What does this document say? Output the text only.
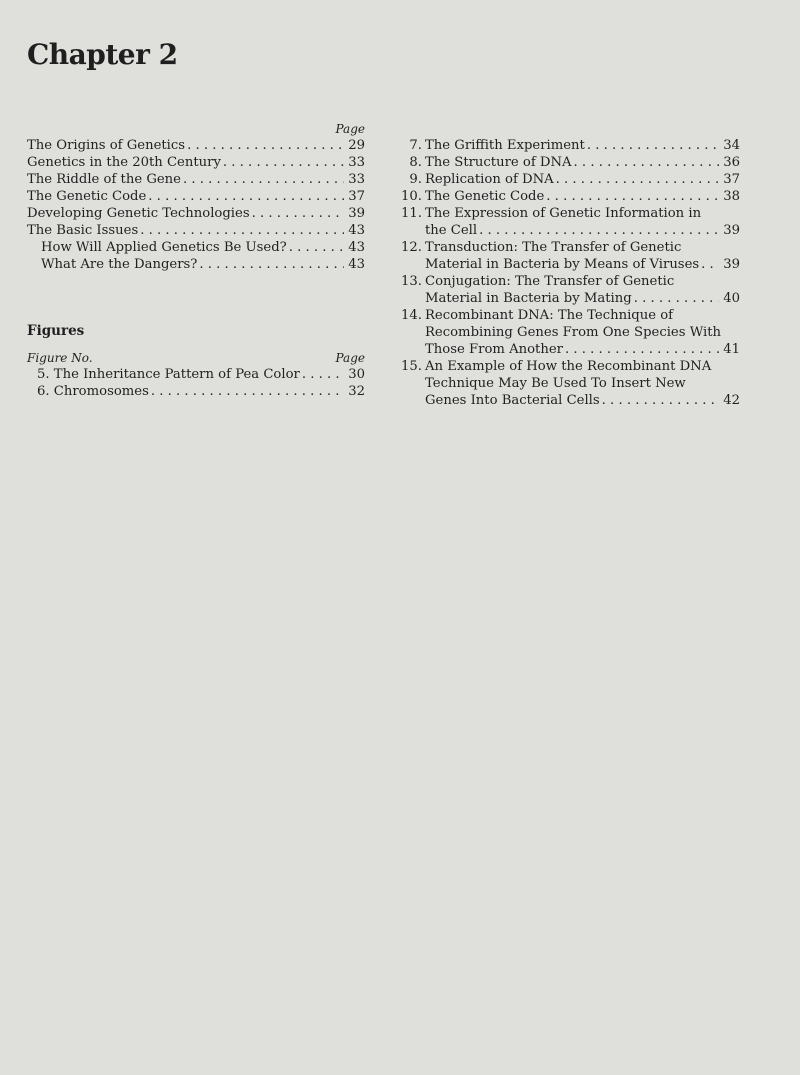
Chapter 2
Page
The Origins of Genetics . . .	29
Genetics in the 20th Century . . .	33
The Riddle of the Gene . . .	33
The Genetic Code . . .	37
Developing Genetic Technologies . . .	39
The Basic Issues . . .	43
How Will Applied Genetics Be Used? . . .	43
What Are the Dangers? . . .	43
Figures
Figure No.	Page
5. The Inheritance Pattern of Pea Color . . .	30
6. Chromosomes . . .	32
7. The Griffith Experiment . . .	34
8. The Structure of DNA . . .	36
9. Replication of DNA . . .	37
10. The Genetic Code . . .	38
11. The Expression of Genetic Information in
the Cell . . .	39
12. Transduction: The Transfer of Genetic
Material in Bacteria by Means of Viruses . . .	39
13. Conjugation: The Transfer of Genetic
Material in Bacteria by Mating . . .	40
14. Recombinant DNA: The Technique of
Recombining Genes From One Species With
Those From Another . . .	41
15. An Example of How the Recombinant DNA
Technique May Be Used To Insert New
Genes Into Bacterial Cells . . .	42
